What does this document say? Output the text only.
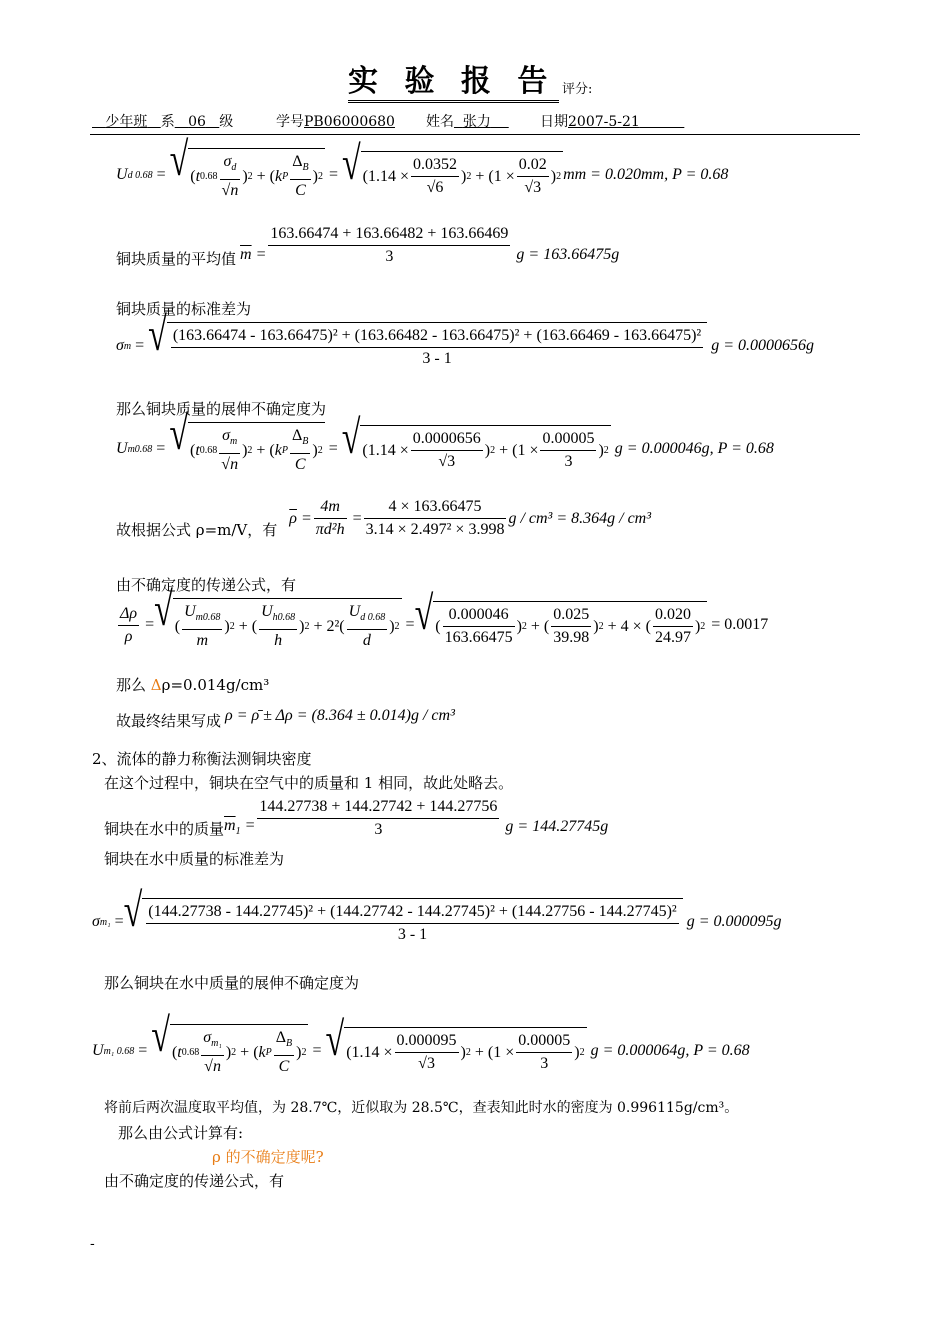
实 验 报 告 评分:
少年班 系 06 级	学号PB06000680 姓名 张力	日期2007-5-21
U d 0.68 = √ ( t $0.68 \frac{\sigma_d}{√n}$ ) 2 + ( k P $\frac{\Delta_B}{C}$ ) 2 = √ ($1.14 \times \frac{0.0352}{√6}$ ) 2
+ ($1 \times \frac{0.02}{√3}$ ) 2 mm = 0.020mm, P = 0.68
铜块质量的平均值 $\overline{m} = \frac{163.66474 + 163.66482 + 163.66469}{3}$ g = 163.66475g
铜块质量的标准差为
σ m = √ (163.66474 - 163.66475)² + (163.66482 - 163.66475)² + (163.66469 - 163.66475)²
3 - 1
g = 0.0000656g
那么铜块质量的展伸不确定度为
U m0.68 = √ ( t $0.68 \frac{\sigma_m}{√n}$ ) 2 + ( k P $\frac{\Delta_B}{C}$ ) 2 = √ ($1.14 \times \frac{0.0000656}{√3}$ ) 2
+ ($1 \times \frac{0.00005}{3}$ ) 2 g = 0.000046g, P = 0.68
故根据公式 ρ=m/V，有
$\overline{\rho} = \frac{4m}{\text{πd²h}} = \frac{4 \times 163.66475}{\text{3.14 × 2.497² × 3.998}}$ g / cm³ = 8.364g / cm³
由不确定度的传递公式，有
$\frac{\Delta\rho}{\rho}$ = √ ( $\frac{U_{m0.68}}{m}$ ) 2 + ( $\frac{U_{h0.68}}{h}$ ) 2
+ $2^2( \frac{U_{d 0.68}}{d}$ ) 2 = √ ( $\frac{0.000046}{163.66475}$ ) 2 + ( $\frac{0.025}{39.98}$ ) 2
+ 4 × ( $\frac{0.020}{24.97}$ ) 2
= 0.0017
那么 Δρ=0.014g/cm³
故最终结果写成 ρ = ρ̄ ± Δρ = (8.364 ± 0.014)g / cm³
2、流体的静力称衡法测铜块密度
在这个过程中，铜块在空气中的质量和 1 相同，故此处略去。
铜块在水中的质量 $\overline{m}_1 = \frac{144.27738 + 144.27742 + 144.27756}{3}$ g = 144.27745g
铜块在水中质量的标准差为
σ m₁ = √ (144.27738 - 144.27745)² + (144.27742 - 144.27745)² + (144.27756 - 144.27745)²
3 - 1
g = 0.000095g
那么铜块在水中质量的展伸不确定度为
U m₁ 0.68 = √ ( t $0.68 \frac{\sigma_{m_1}}{√n}$ ) 2 + ( k P $\frac{\Delta_B}{C}$ ) 2 = √ ($1.14 \times \frac{0.000095}{√3}$ ) 2
+ ($1 \times \frac{0.00005}{3}$ ) 2 g = 0.000064g, P = 0.68
将前后两次温度取平均值，为 28.7℃，近似取为 28.5℃，查表知此时水的密度为 0.996115g/cm³。
那么由公式计算有:
ρ 的不确定度呢?
由不确定度的传递公式，有
-
